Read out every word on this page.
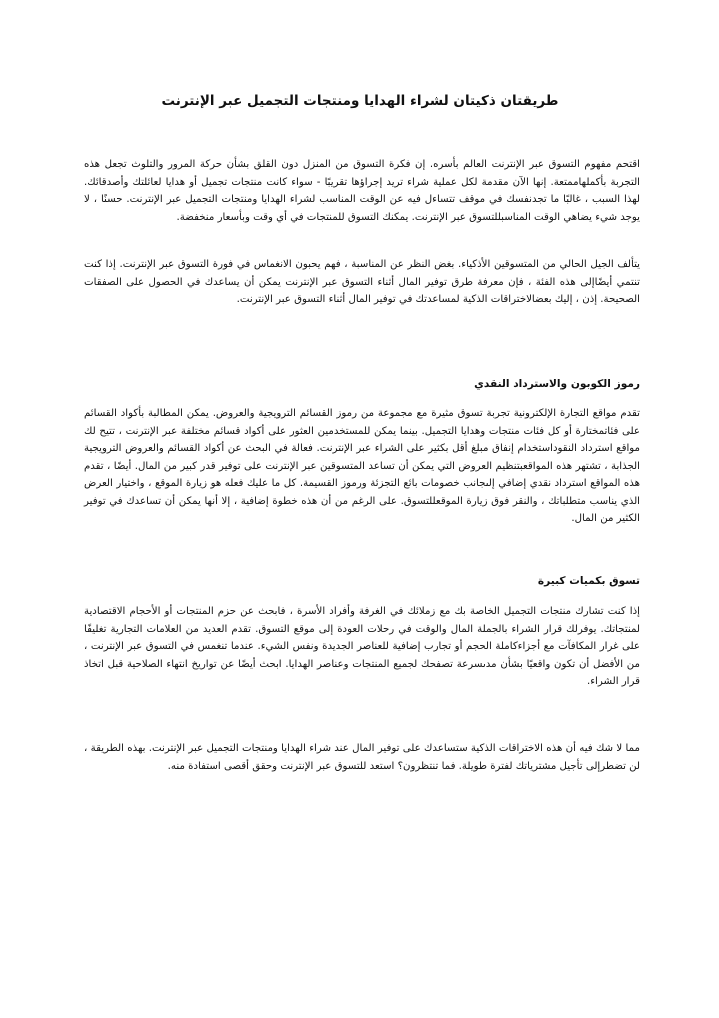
طريقتان ذكيتان لشراء الهدايا ومنتجات التجميل عبر الإنترنت

اقتحم مفهوم التسوق عبر الإنترنت العالم بأسره. إن فكرة التسوق من المنزل دون القلق بشأن حركة المرور والتلوث تجعل هذه التجربة بأكملهاممتعة. إنها الآن مقدمة لكل عملية شراء تريد إجراؤها تقريبًا - سواء كانت منتجات تجميل أو هدايا لعائلتك وأصدقائك. لهذا السبب ، غالبًا ما تجدنفسك في موقف تتساءل فيه عن الوقت المناسب لشراء الهدايا ومنتجات التجميل عبر الإنترنت. حسنًا ، لا يوجد شيء يضاهي الوقت المناسبللتسوق عبر الإنترنت. يمكنك التسوق للمنتجات في أي وقت وبأسعار منخفضة.

يتألف الجيل الحالي من المتسوقين الأذكياء. بغض النظر عن المناسبة ، فهم يحبون الانغماس في فورة التسوق عبر الإنترنت. إذا كنت تنتمي أيضًاإلى هذه الفئة ، فإن معرفة طرق توفير المال أثناء التسوق عبر الإنترنت يمكن أن يساعدك في الحصول على الصفقات الصحيحة. إذن ، إليك بعضالاختراقات الذكية لمساعدتك في توفير المال أثناء التسوق عبر الإنترنت.

رموز الكوبون والاسترداد النقدي

تقدم مواقع التجارة الإلكترونية تجربة تسوق مثيرة مع مجموعة من رموز القسائم الترويجية والعروض. يمكن المطالبة بأكواد القسائم على فئاتمختارة أو كل فئات منتجات وهدايا التجميل. بينما يمكن للمستخدمين العثور على أكواد قسائم مختلفة عبر الإنترنت ، تتيح لك مواقع استرداد النقوداستخدام إنفاق مبلغ أقل بكثير على الشراء عبر الإنترنت. فعالة في البحث عن أكواد القسائم والعروض الترويجية الجذابة ، تشتهر هذه المواقعبتنظيم العروض التي يمكن أن تساعد المتسوقين عبر الإنترنت على توفير قدر كبير من المال. أيضًا ، تقدم هذه المواقع استرداد نقدي إضافي إلىجانب خصومات بائع التجزئة ورموز القسيمة. كل ما عليك فعله هو زيارة الموقع ، واختيار العرض الذي يناسب متطلباتك ، والنقر فوق زيارة الموقعللتسوق. على الرغم من أن هذه خطوة إضافية ، إلا أنها يمكن أن تساعدك في توفير الكثير من المال.

تسوق بكميات كبيرة

إذا كنت تشارك منتجات التجميل الخاصة بك مع زملائك في الغرفة وأفراد الأسرة ، فابحث عن حزم المنتجات أو الأحجام الاقتصادية لمنتجاتك. يوفرلك قرار الشراء بالجملة المال والوقت في رحلات العودة إلى موقع التسوق. تقدم العديد من العلامات التجارية تغليفًا على غرار المكافآت مع أجزاءكاملة الحجم أو تجارب إضافية للعناصر الجديدة ونفس الشيء. عندما تنغمس في التسوق عبر الإنترنت ، من الأفضل أن تكون واقعيًا بشأن مدىسرعة تصفحك لجميع المنتجات وعناصر الهدايا. ابحث أيضًا عن تواريخ انتهاء الصلاحية قبل اتخاذ قرار الشراء.

مما لا شك فيه أن هذه الاختراقات الذكية ستساعدك على توفير المال عند شراء الهدايا ومنتجات التجميل عبر الإنترنت. بهذه الطريقة ، لن تضطرإلى تأجيل مشترياتك لفترة طويلة. فما تنتظرون؟ استعد للتسوق عبر الإنترنت وحقق أقصى استفادة منه.
